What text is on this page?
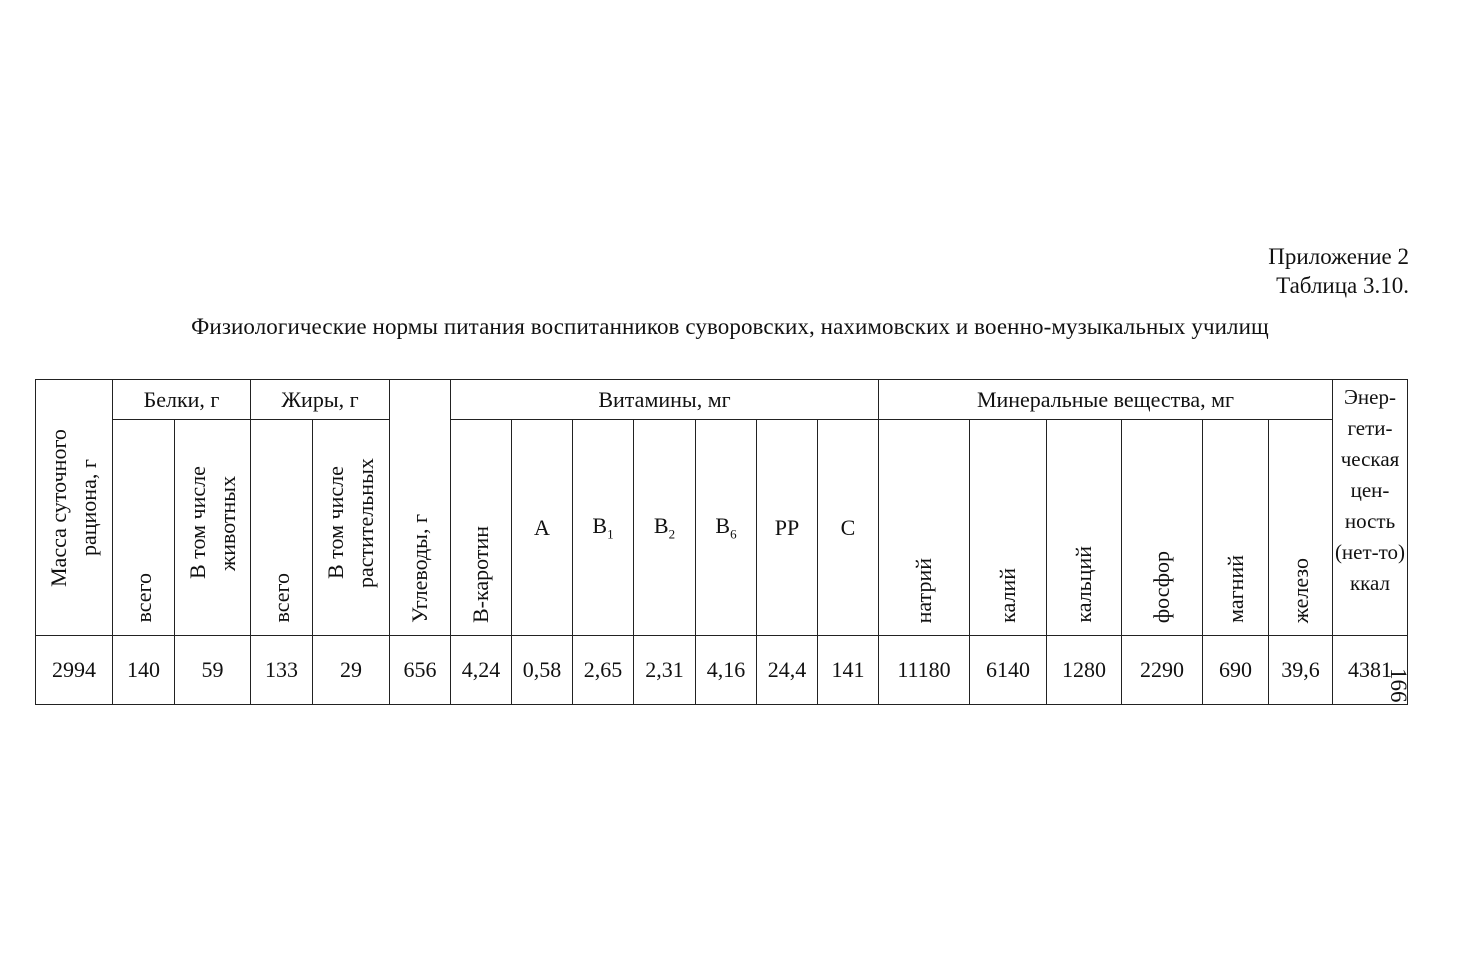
Приложение 2
Таблица 3.10.
Физиологические нормы питания воспитанников суворовских, нахимовских и военно-музыкальных училищ
166
Масса суточного рациона, г	Белки, г		Жиры, г		Углеводы, г	Витамины, мг							Минеральные вещества, мг						Энер-гети-ческая цен-ность (нет-то) ккал
	всего	В том числе животных	всего	В том числе растительных		В-каротин	А	$В_1$	$В_2$	$В_6$	РР	С	натрий	калий	кальций	фосфор	магний	железо	
2994	140	59	133	29	656	4,24	0,58	2,65	2,31	4,16	24,4	141	11180	6140	1280	2290	690	39,6	4381
